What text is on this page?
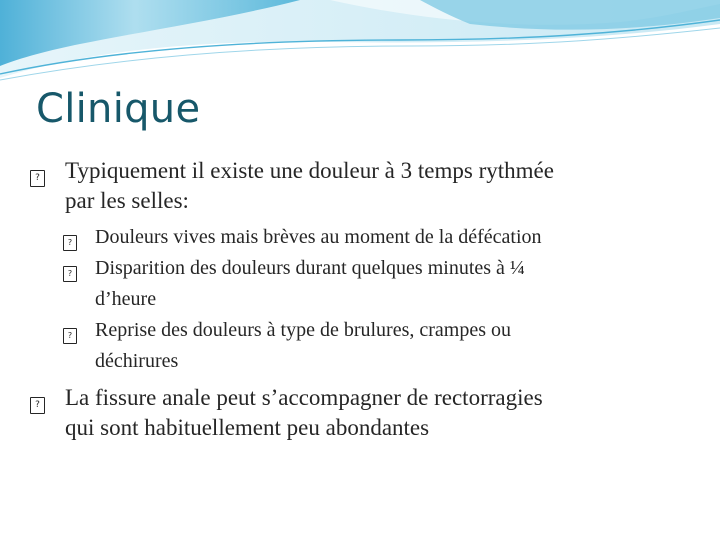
Clinique
? Typiquement il existe une douleur à 3 temps rythmée
par les selles:
? Douleurs vives mais brèves au moment de la défécation
? Disparition des douleurs durant quelques minutes à ¼
d’heure
? Reprise des douleurs à type de brulures, crampes ou
déchirures
? La fissure anale peut s’accompagner de rectorragies
qui sont habituellement peu abondantes
